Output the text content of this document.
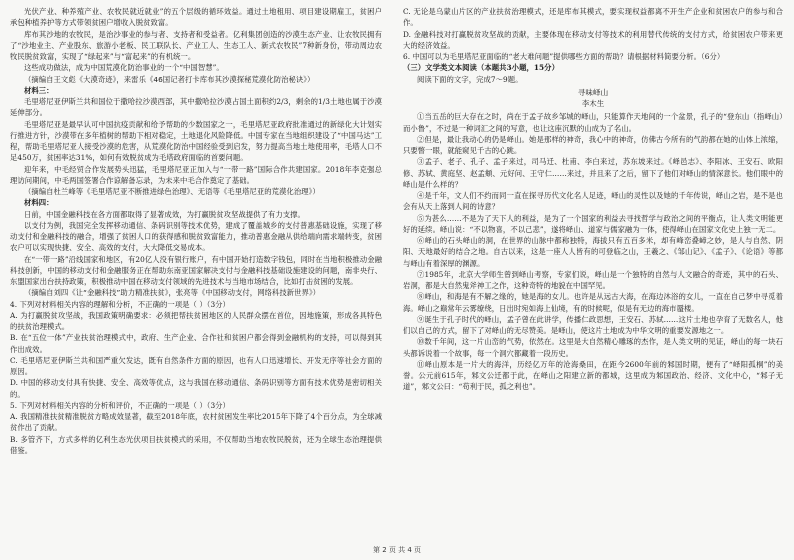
光伏产业、种养殖产业、农牧民就近就业”的五个层级的循环效益。通过土地租用、项目建设期雇工，贫困户承包种植养护等方式带领贫困户增收入脱贫致富。

库布其沙地的农牧民，是治沙事业的参与者、支持者和受益者。亿利集团创造的沙漠生态产业、让农牧民拥有了“沙地业主、产业股东、旅游小老板、民工联队长、产业工人、生态工人、新式农牧民”7种新身份，带动周边农牧民脱贫致富，实现了“绿起来”与“富起来”的有机统一。

这些成功做法，成为中国荒漠化防治事业的一个“中国智慧”。

（摘编自王文彪《大漠奇迹》，来雷乐《46国记者打卡库布其沙漠探秘荒漠化防治秘诀》）

材料三：

毛里塔尼亚伊斯兰共和国位于撒哈拉沙漠西部，其中撒哈拉沙漠占国土面积约2/3，剩余的1/3土地也属于沙漠延伸部分。

毛里塔尼亚是最早认可中国抗疫贡献和给予帮助的少数国家之一，毛里塔尼亚政府批准通过的新绿化大计划实行推进方针，沙漠带在多年植树的帮助下相对稳定，土地退化风险降低。中国专家在当地组织建设了“中国马达”工程，帮助毛里塔尼亚人接受沙漠的危害，从荒漠化防治中国经验受到启发，努力提高当地土地使用率，毛塔人口不足450万，贫困率达31%，如何有效脱贫成为毛塔政府面临的首要问题。

迎年来，中毛经贸合作发展势头迅猛，毛里塔尼亚正加入与“一带一路”国际合作共建国家。2018年李克强总理访问期间，中毛两国签署合作谅解备忘录，为未来中毛合作奠定了基础。

（摘编自杜兰峰等《毛里塔尼亚不断推进绿色治理》、无语等《毛里塔尼亚的荒漠化治理》）

材料四：

日前，中国金融科技在各方面都取得了显著成效，为打赢脱贫攻坚战提供了有力支撑。

以支付为例，我国完全发挥移动通信、条码识别等技术优势，建成了覆盖城乡的支付普惠基础设施，实现了移动支付和金融科技的融合，增强了贫困人口的获得感和脱贫致富能力，推动普惠金融从供给端向需求端转变，贫困农户可以实现快捷、安全、高效的支付，大大降低交易成本。

在“一带一路”沿线国家和地区，有20亿人没有银行账户，有中国开始打造数字钱包，同时在当地积极推动金融科技创新，中国的移动支付和金融服务正在帮助东南亚国家解决支付与金融科技基础设施建设的问题，南非央行、东盟国家出台扶持政策，积极推动中国在移动支付领域的先进技术与当地市场结合，比如打击贫困的发展。

（摘编自刘四《让“金融科技”助力精准扶贫》，张亮等《中国移动支付，网络科技新世界》）

4. 下列对材料相关内容的理解和分析，不正确的一项是（ ）（3分）

A. 为打赢脱贫攻坚战，我国政策明确要求：必须把帮扶贫困地区的人民群众摆在首位，因地施策，形成各具特色的扶贫治理模式。

B. 在“五位一体”产业扶贫治理模式中，政府、生产企业、合作社和贫困户都会得到金融机构的支持，可以得到其作出成效。

C. 毛里塔尼亚伊斯兰共和国严重欠发达，既有自然条件方面的原因，也有人口迅速增长、开发无序等社会方面的原因。

D. 中国的移动支付具有快捷、安全、高效等优点，这与我国在移动通信、条码识别等方面有技术优势是密切相关的。

5. 下列对材料相关内容的分析和评价，不正确的一项是（ ）（3分）

A. 我国精准扶贫精准脱贫方略成效显著，截至2018年底，农村贫困发生率比2015年下降了4个百分点，为全球减贫作出了贡献。

B. 多管齐下，方式多样的亿利生态光伏项目扶贫模式的采用，不仅帮助当地农牧民脱贫，还为全球生态治理提供借鉴。

C. 无论是乌蒙山片区的产业扶贫治理模式，还是库布其模式，要实现权益都离不开生产企业和贫困农户的参与和合作。

D. 金融科技对打赢脱贫攻坚战的贡献，主要体现在移动支付等技术的利用替代传统的支付方式，给贫困农户带来更大的经济效益。

6. 中国可以为毛里塔尼亚面临的“老大难问题”提供哪些方面的帮助？请根据材料简要分析。（6分）

（三）文学类文本阅读（本题共3小题，15分）

阅读下面的文字，完成7～9题。

寻味峄山

李木生

①当五岳的巨大存在之时，尚在于孟子故乡邹城的峄山，只能算作天地间的一个盆景，孔子的“登东山（指峄山）而小鲁”，不过是一种词汇之间的写意，也让这座沉默的山成为了名山。

②但是，最让我动心的仍是峄山。她是那样的神奇，我心中的神奇，仿佛古今所有的气韵都在她的山体上浓缩，只要瞥一眼，就能窥见千古的心跳。

③孟子、老子、孔子、孟子来过，司马迁、杜甫、李白来过，苏东坡来过。《峄邑志》、李阳冰、王安石、欧阳修、苏轼、黄庭坚、赵孟頫、元好问、王守仁……来过，并且来了之后，留下了他们对峄山的情深意长。他们眼中的峄山是什么样的？

④是千年，文人们不约而同一直在探寻历代文化名人足迹，峄山的灵性以及她的千年传说，峄山之岩，是不是也会有从天上落到人间的诗意？

⑤为甚么……不是为了天下人的利益，是为了一个国家的利益去寻找哲学与政治之间的平衡点，让人类文明能更好的延续。峄山说：“不以物喜，不以己悲”，遂将峄山、道家与儒家融为一体，使得峄山在国家文化史上独一无二。

⑥峄山的石头峄山的洞，在世界的山脉中都称独特，海拔只有五百多米，却有峰峦叠嶂之妙，是人与自然、阴阳、天地最好的结合之地。自古以来，这是一座人人皆有的可登临之山，王羲之、《邹山记》、《孟子》、《论语》等都与峄山有着深厚的渊源。

⑦1985年，北京大学师生曾到峄山考察，专家们说，峄山是一个独特的自然与人文融合的奇迹，其中的石头、岩洞，都是大自然鬼斧神工之作，这种奇特的地貌在中国罕见。

⑧峄山，和海是有不解之缘的，她是海的女儿。也许是从远古大海，在海边沐浴的女儿，一直在自己梦中寻觅着海。峄山之巅常年云雾缭绕，日出时宛如海上仙境，有的时候呢，似是有无边的海市蜃楼。

⑨诞生于孔子时代的峄山，孟子曾在此讲学，传播仁政思想，王安石、苏轼……这片土地也孕育了无数名人，他们以自己的方式，留下了对峄山的无尽赞美。是峄山，使这片土地成为中华文明的重要发源地之一。

⑩数千年间，这一片山峦的气势，依然在。这里是大自然精心雕琢的杰作，是人类文明的见证，峄山的每一块石头都诉说着一个故事，每一个洞穴都藏着一段历史。

⑪峄山原本是一片大的海洋，历经亿万年的沧海桑田，在距今2600年前的邾国时期，便有了“峄阳孤桐”的美誉。公元前615年，邾文公迁都于此，在峄山之阳建立新的都城，这里成为邾国政治、经济、文化中心，“邾子无道”，邾文公曰：“苟利于民，孤之利也”。

第 2 页 共 4 页
